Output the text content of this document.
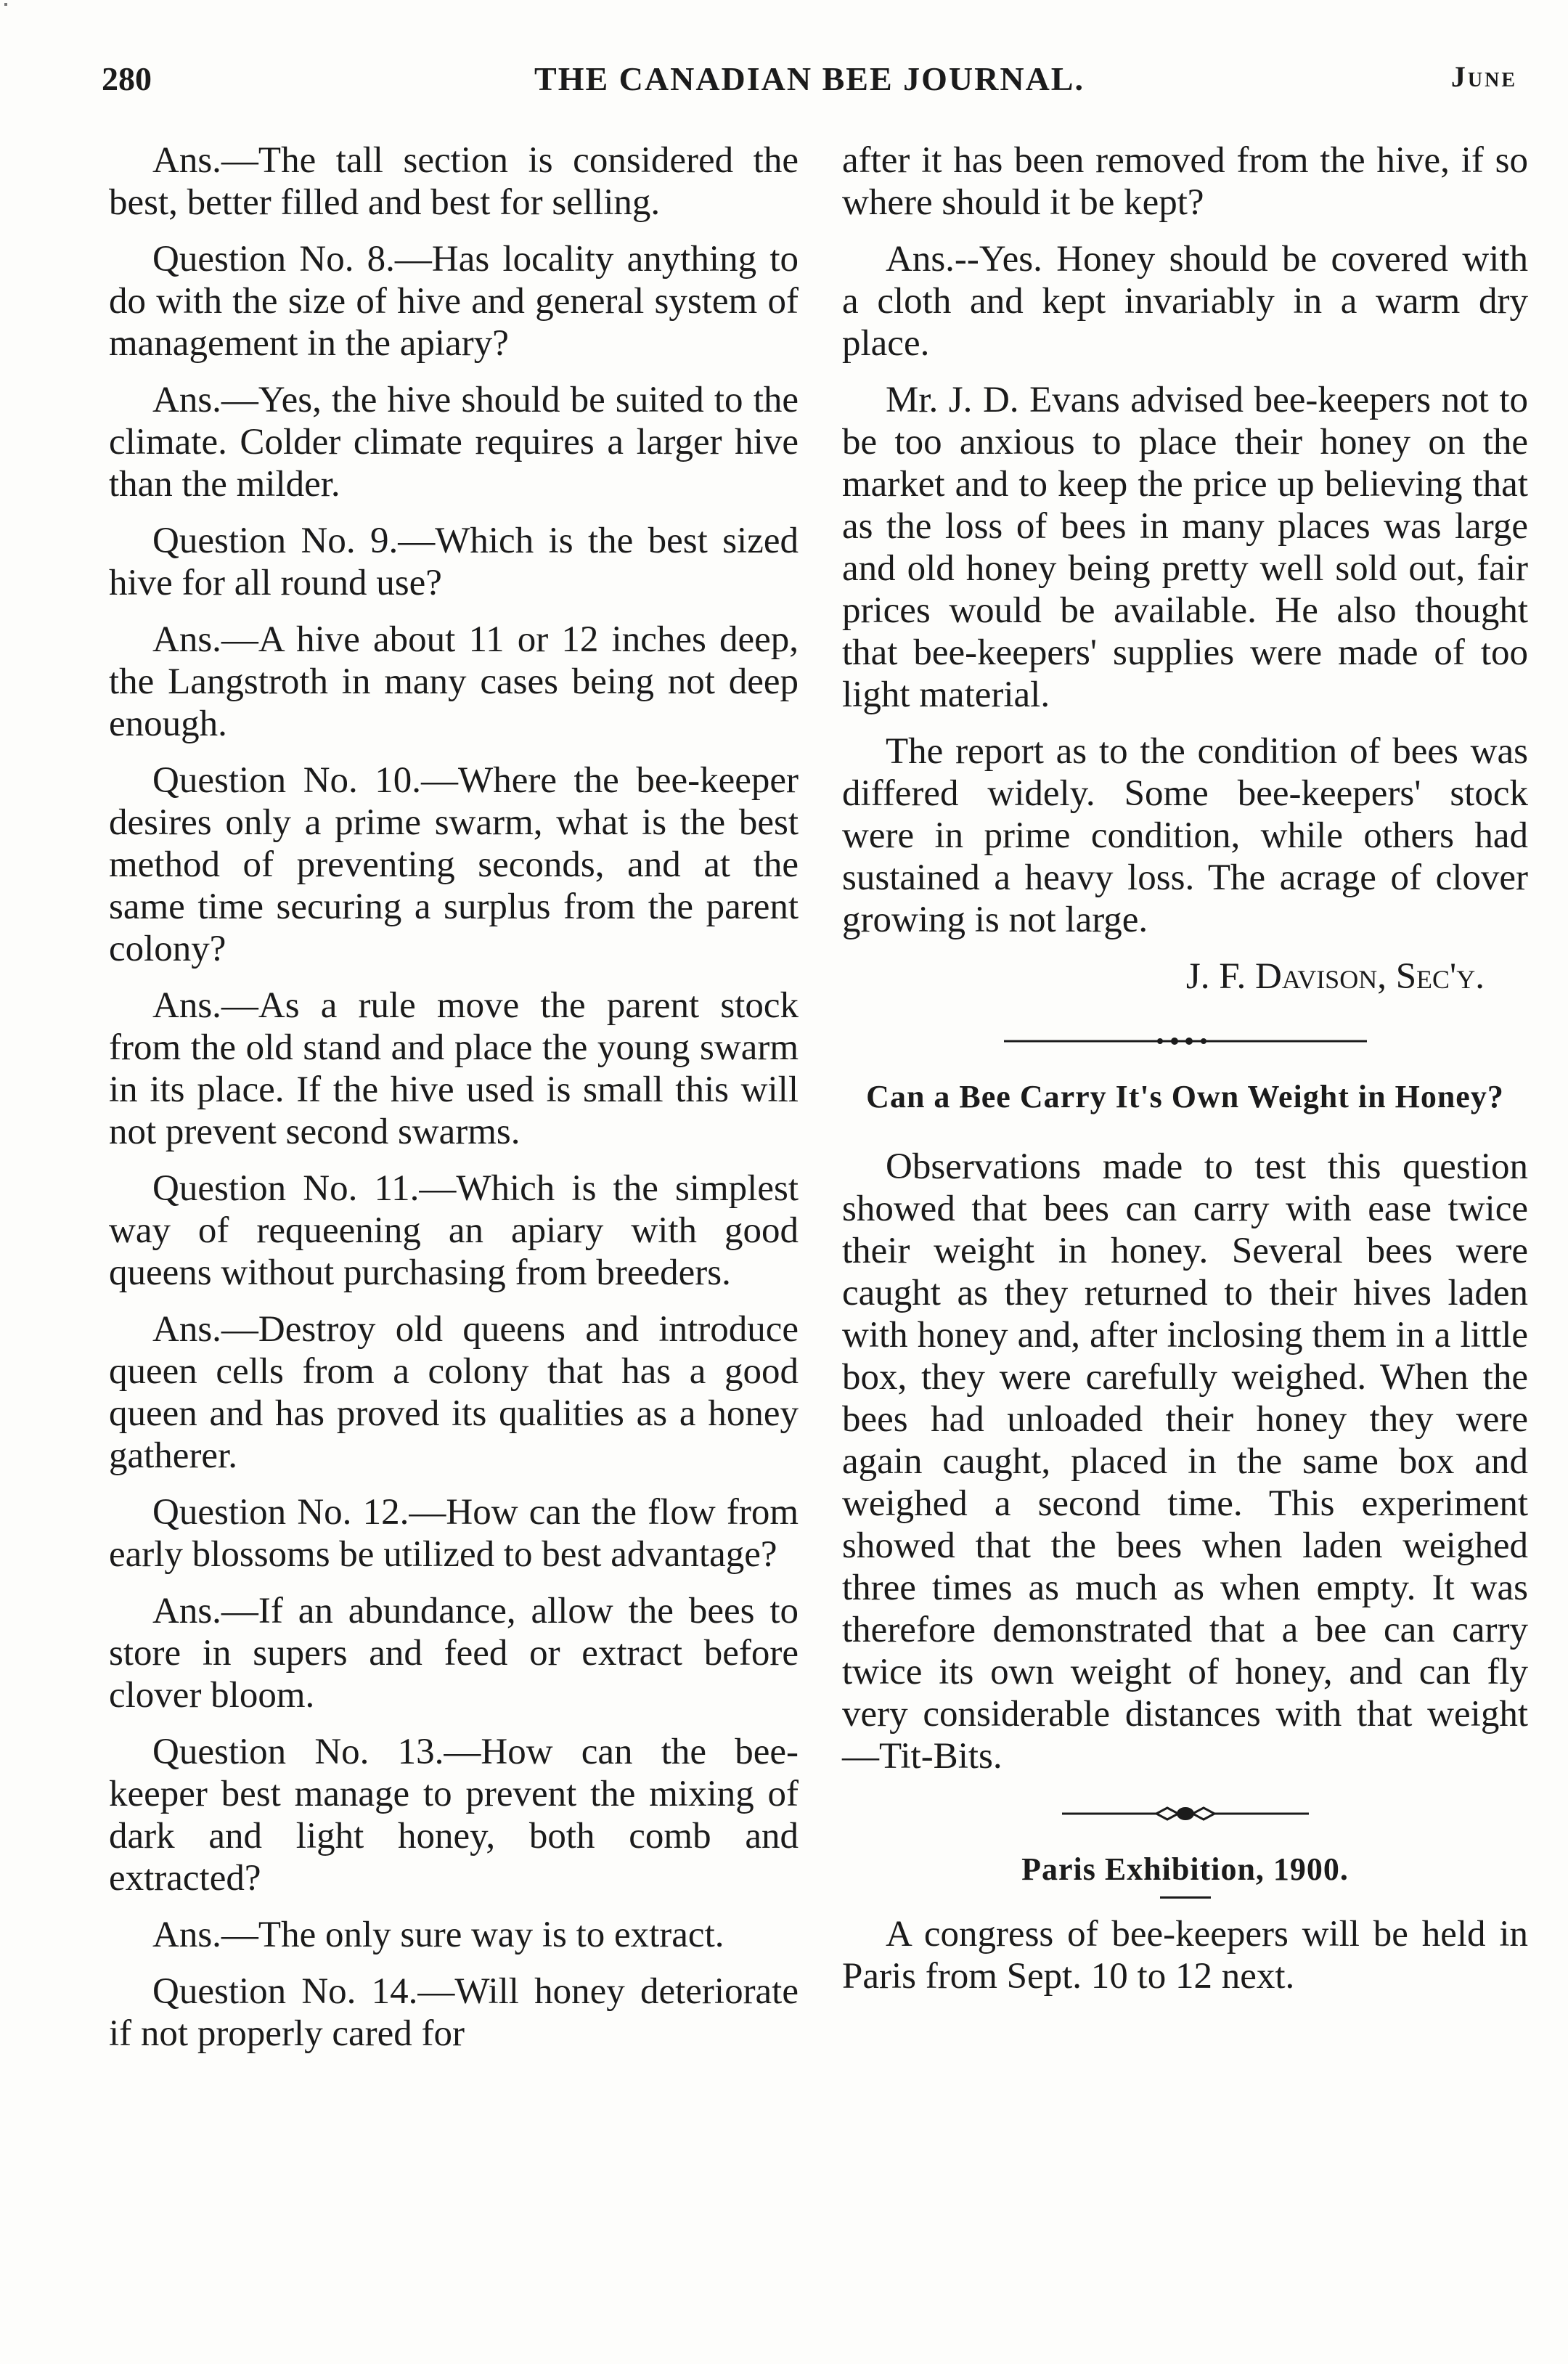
280	THE CANADIAN BEE JOURNAL.	June

Ans.—The tall section is considered the best, better filled and best for selling.

Question No. 8.—Has locality anything to do with the size of hive and general system of management in the apiary?

Ans.—Yes, the hive should be suited to the climate. Colder climate requires a larger hive than the milder.

Question No. 9.—Which is the best sized hive for all round use?

Ans.—A hive about 11 or 12 inches deep, the Langstroth in many cases being not deep enough.

Question No. 10.—Where the bee-keeper desires only a prime swarm, what is the best method of preventing seconds, and at the same time securing a surplus from the parent colony?

Ans.—As a rule move the parent stock from the old stand and place the young swarm in its place. If the hive used is small this will not prevent second swarms.

Question No. 11.—Which is the simplest way of requeening an apiary with good queens without purchasing from breeders.

Ans.—Destroy old queens and introduce queen cells from a colony that has a good queen and has proved its qualities as a honey gatherer.

Question No. 12.—How can the flow from early blossoms be utilized to best advantage?

Ans.—If an abundance, allow the bees to store in supers and feed or extract before clover bloom.

Question No. 13.—How can the bee-keeper best manage to prevent the mixing of dark and light honey, both comb and extracted?

Ans.—The only sure way is to extract.

Question No. 14.—Will honey deteriorate if not properly cared for

after it has been removed from the hive, if so where should it be kept?

Ans.--Yes. Honey should be covered with a cloth and kept invariably in a warm dry place.

Mr. J. D. Evans advised bee-keepers not to be too anxious to place their honey on the market and to keep the price up believing that as the loss of bees in many places was large and old honey being pretty well sold out, fair prices would be available. He also thought that bee-keepers' supplies were made of too light material.

The report as to the condition of bees was differed widely. Some bee-keepers' stock were in prime condition, while others had sustained a heavy loss. The acrage of clover growing is not large.

J. F. Davison, Sec'y.

Can a Bee Carry It's Own Weight in Honey?

Observations made to test this question showed that bees can carry with ease twice their weight in honey. Several bees were caught as they returned to their hives laden with honey and, after inclosing them in a little box, they were carefully weighed. When the bees had unloaded their honey they were again caught, placed in the same box and weighed a second time. This experiment showed that the bees when laden weighed three times as much as when empty. It was therefore demonstrated that a bee can carry twice its own weight of honey, and can fly very considerable distances with that weight—Tit-Bits.

Paris Exhibition, 1900.

A congress of bee-keepers will be held in Paris from Sept. 10 to 12 next.
